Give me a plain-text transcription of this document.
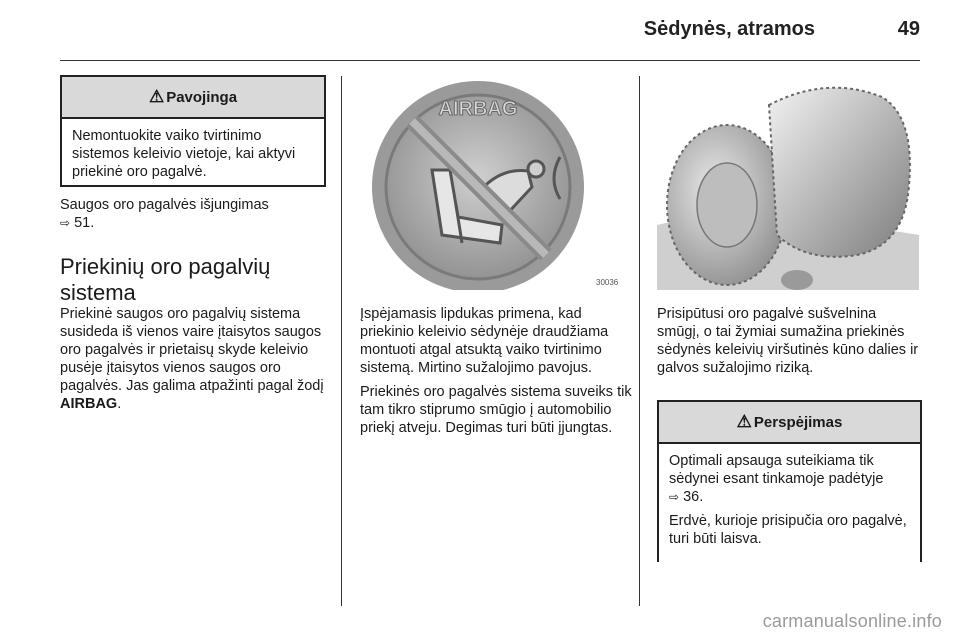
Sėdynės, atramos	49
⚠ Pavojinga

Nemontuokite vaiko tvirtinimo sistemos keleivio vietoje, kai aktyvi priekinė oro pagalvė.

Saugos oro pagalvės išjungimas
⇨ 51.
Priekinių oro pagalvių sistema
Priekinė saugos oro pagalvių sistema susideda iš vienos vaire įtaisytos saugos oro pagalvės ir prietaisų skyde keleivio pusėje įtaisytos vienos saugos oro pagalvės. Jas galima atpažinti pagal žodį AIRBAG.
AIRBAG
30036

Įspėjamasis lipdukas primena, kad priekinio keleivio sėdynėje draudžiama montuoti atgal atsuktą vaiko tvirtinimo sistemą. Mirtino sužalojimo pavojus.

Priekinės oro pagalvės sistema suveiks tik tam tikro stiprumo smūgio į automobilio priekį atveju. Degimas turi būti įjungtas.

Prisipūtusi oro pagalvė sušvelnina smūgį, o tai žymiai sumažina priekinės sėdynės keleivių viršutinės kūno dalies ir galvos sužalojimo riziką.

⚠ Perspėjimas

Optimali apsauga suteikiama tik sėdynei esant tinkamoje padėtyje
⇨ 36.

Erdvė, kurioje prisipučia oro pagalvė, turi būti laisva.

carmanualsonline.info
